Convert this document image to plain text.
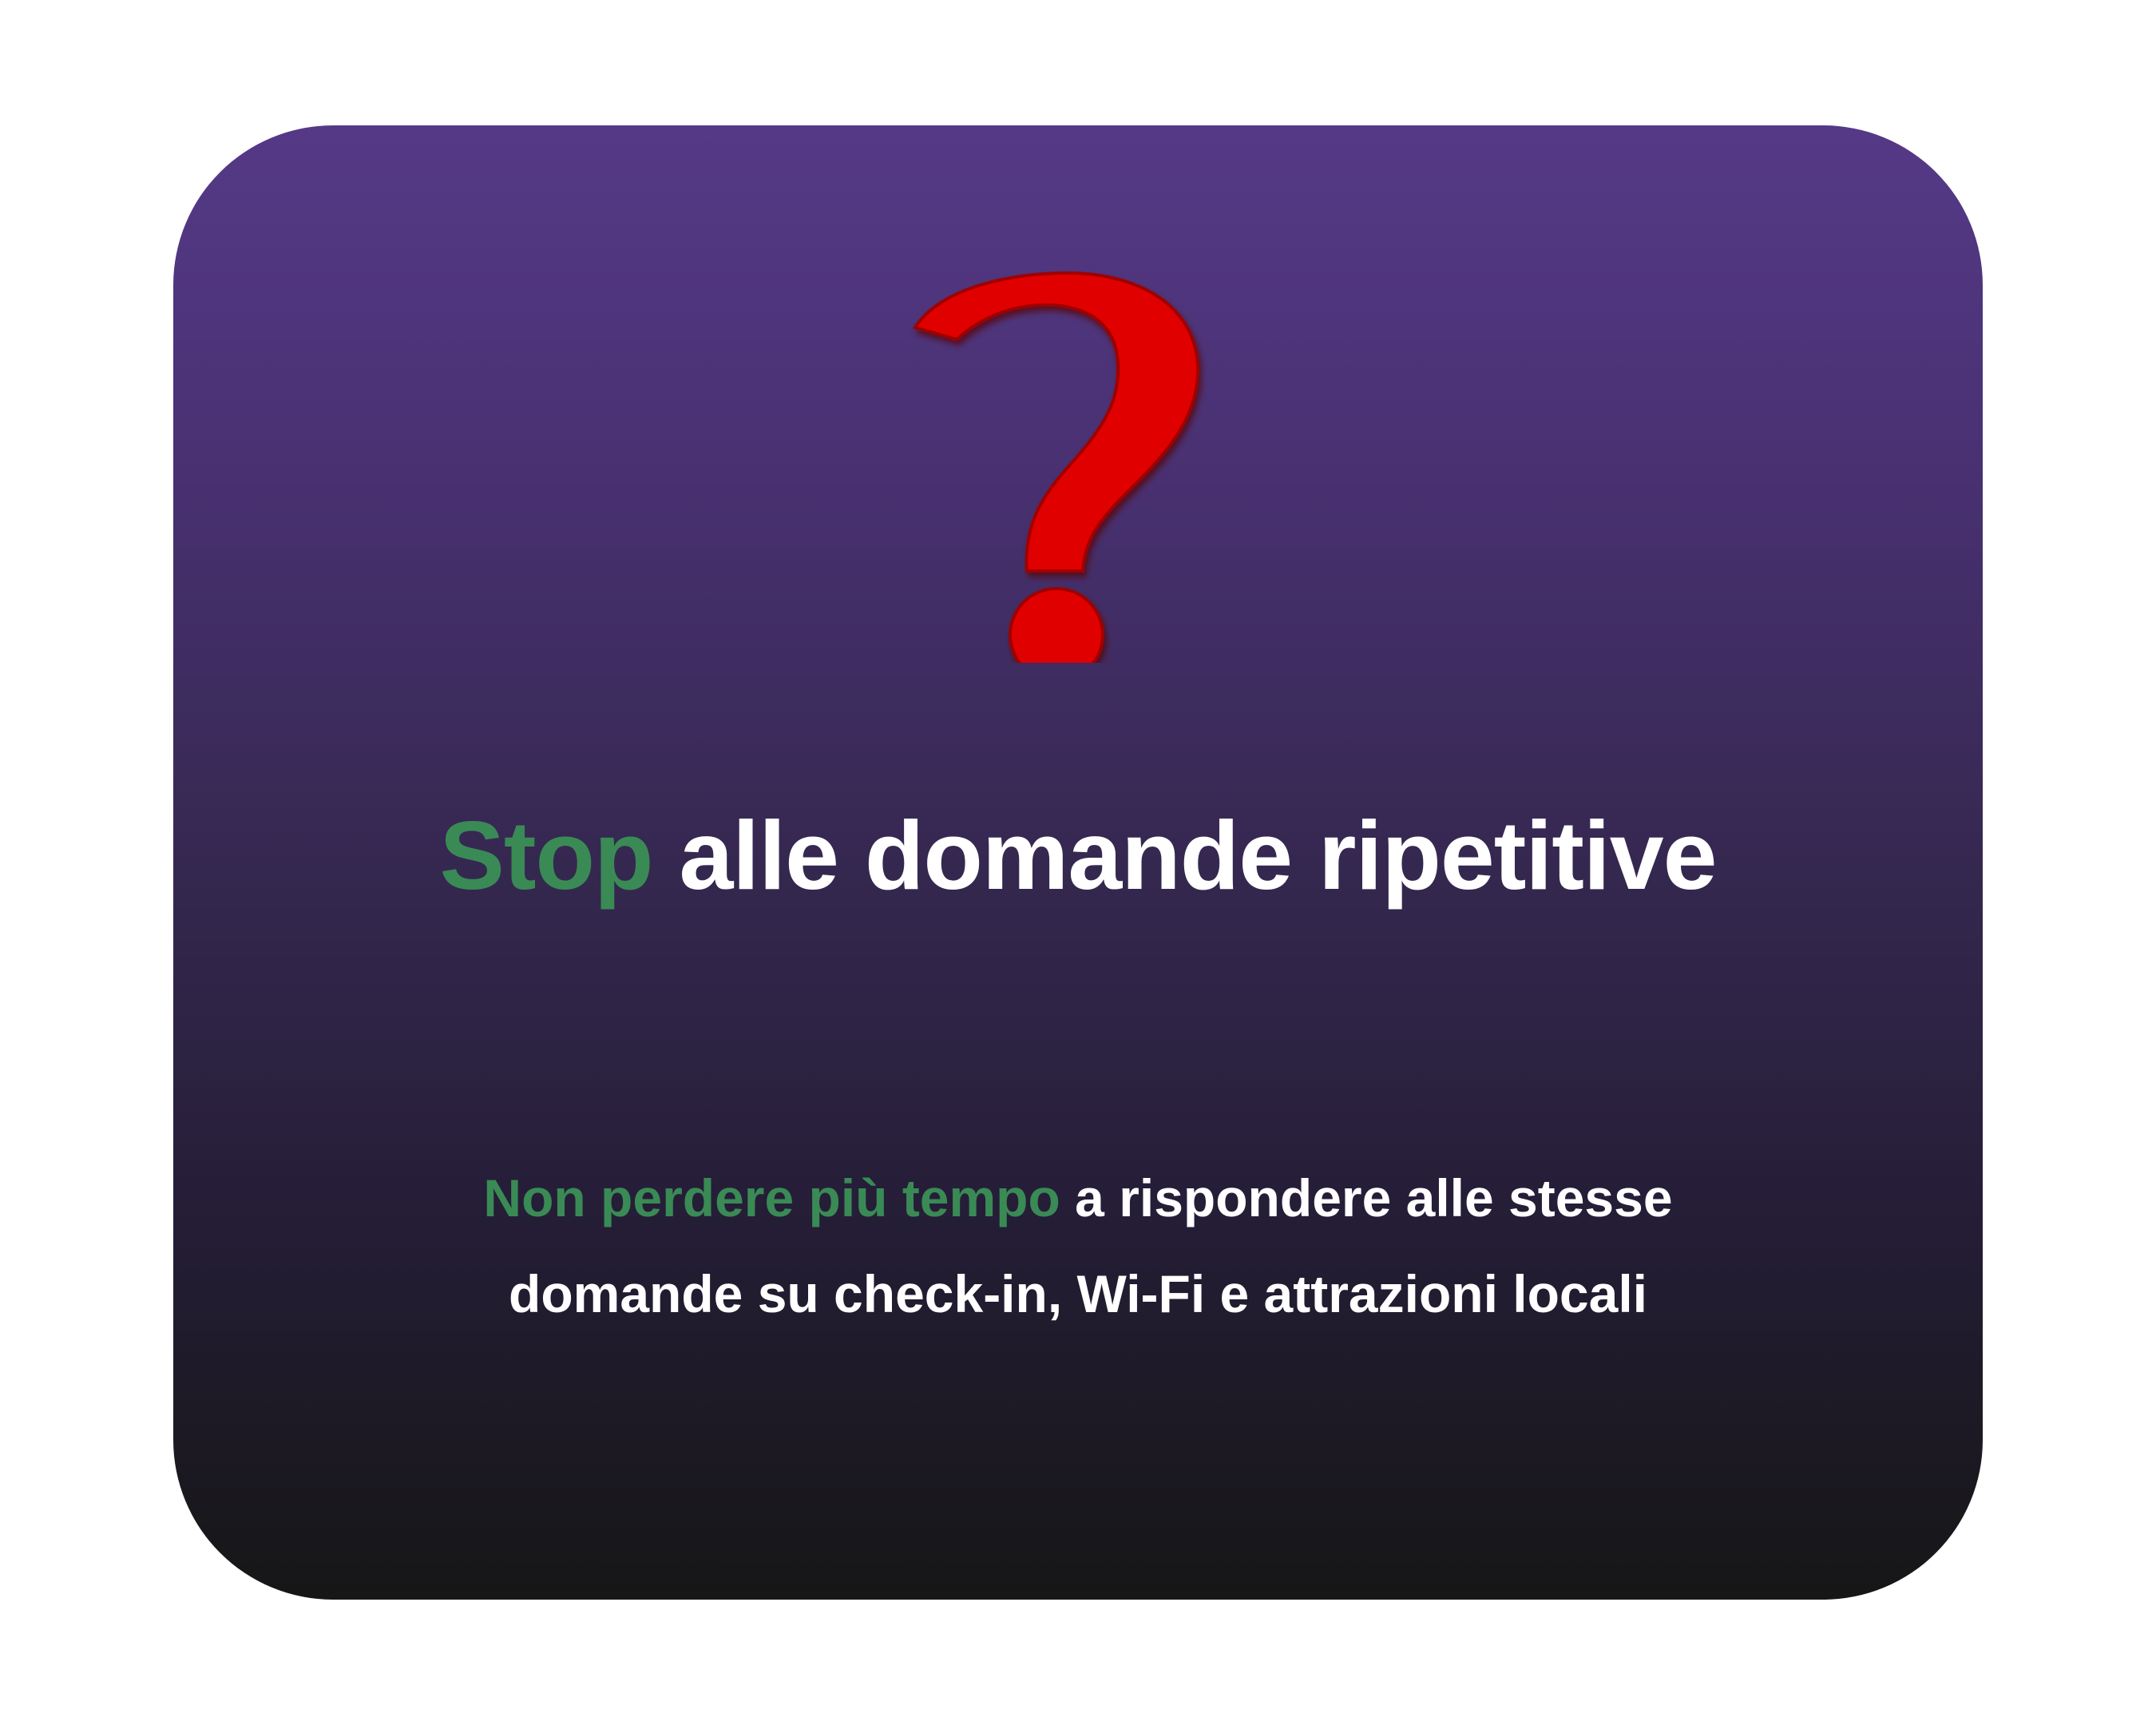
Stop alle domande ripetitive
Non perdere più tempo a rispondere alle stesse
domande su check-in, Wi-Fi e attrazioni locali
